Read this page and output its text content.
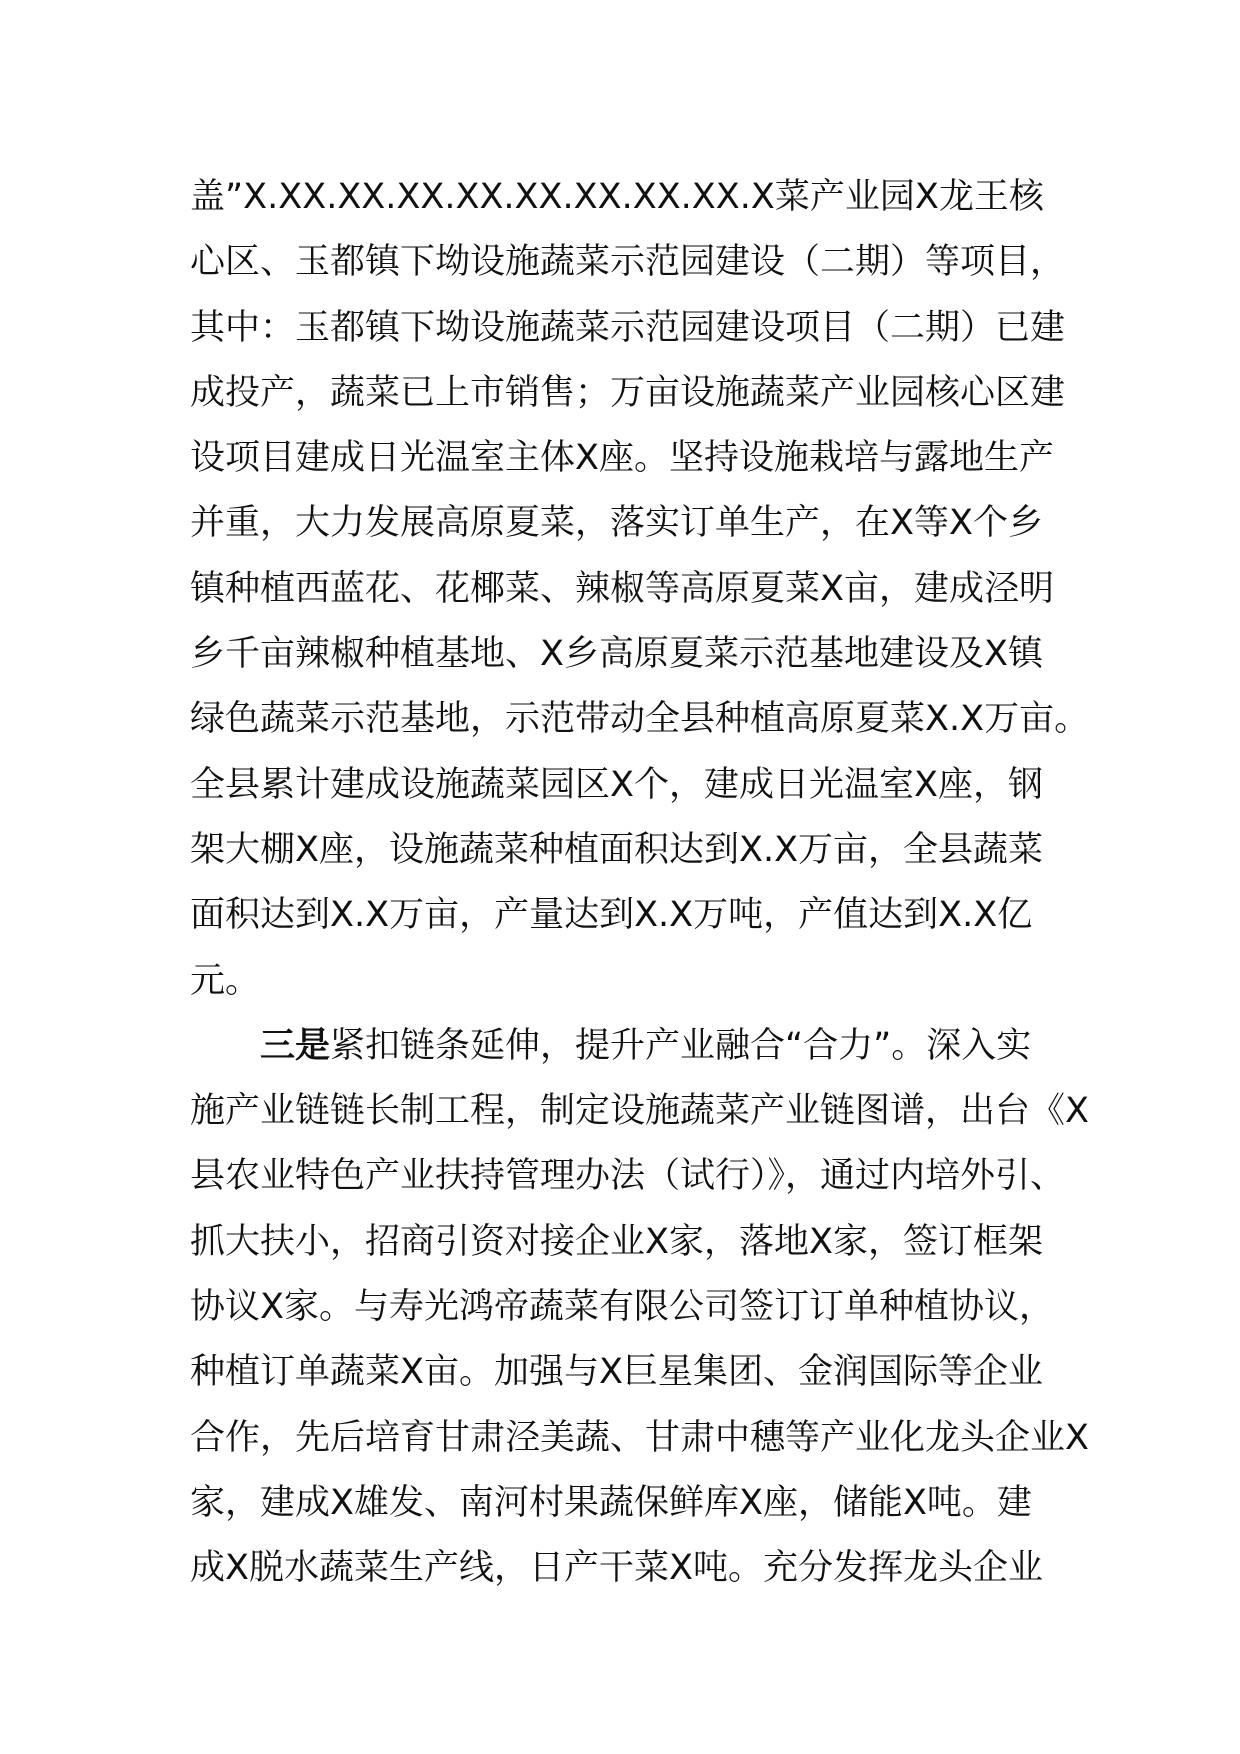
盖”X.XX.XX.XX.XX.XX.XX.XX.XX.X菜产业园X龙王核
心区、玉都镇下坳设施蔬菜示范园建设（二期）等项目，
其中：玉都镇下坳设施蔬菜示范园建设项目（二期）已建
成投产，蔬菜已上市销售；万亩设施蔬菜产业园核心区建
设项目建成日光温室主体X座。坚持设施栽培与露地生产
并重，大力发展高原夏菜，落实订单生产，在X等X个乡
镇种植西蓝花、花椰菜、辣椒等高原夏菜X亩，建成泾明
乡千亩辣椒种植基地、X乡高原夏菜示范基地建设及X镇
绿色蔬菜示范基地，示范带动全县种植高原夏菜X.X万亩。
全县累计建成设施蔬菜园区X个，建成日光温室X座，钢
架大棚X座，设施蔬菜种植面积达到X.X万亩，全县蔬菜
面积达到X.X万亩，产量达到X.X万吨，产值达到X.X亿
元。
三是紧扣链条延伸，提升产业融合“合力”。深入实
施产业链链长制工程，制定设施蔬菜产业链图谱，出台《X
县农业特色产业扶持管理办法（试行）》，通过内培外引、
抓大扶小，招商引资对接企业X家，落地X家，签订框架
协议X家。与寿光鸿帝蔬菜有限公司签订订单种植协议，
种植订单蔬菜X亩。加强与X巨星集团、金润国际等企业
合作，先后培育甘肃泾美蔬、甘肃中穗等产业化龙头企业X
家，建成X雄发、南河村果蔬保鲜库X座，储能X吨。建
成X脱水蔬菜生产线，日产干菜X吨。充分发挥龙头企业
